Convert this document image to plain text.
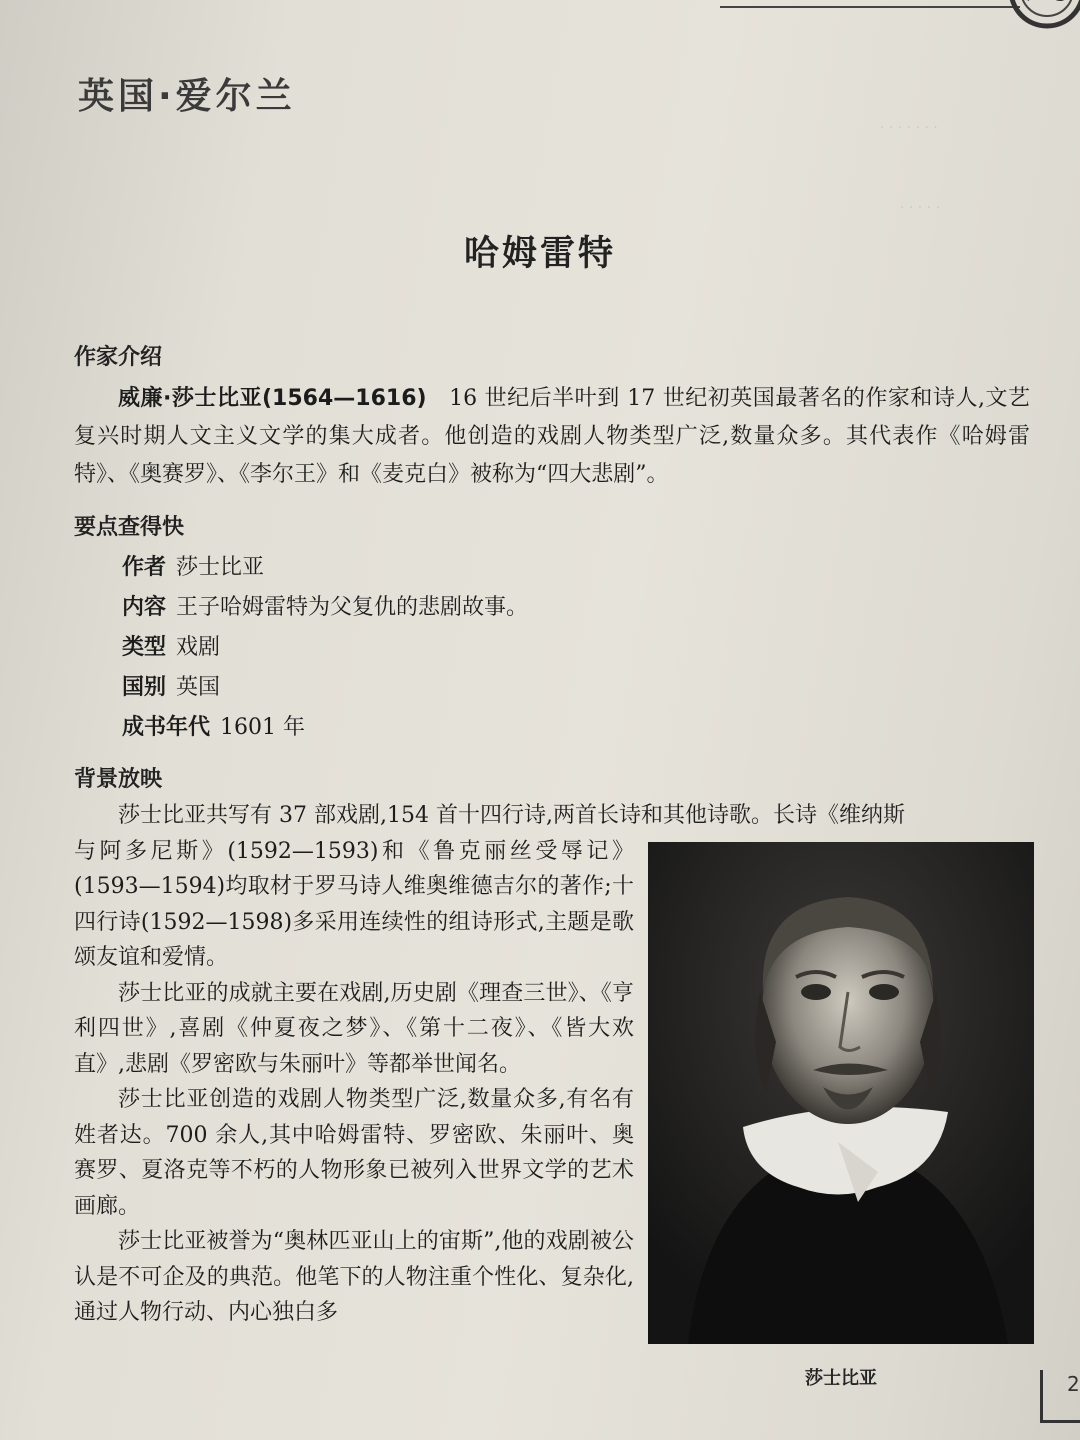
英国·爱尔兰
· · · · · · ·
· · · · ·
哈姆雷特
作家介绍
威廉·莎士比亚(1564—1616) 16 世纪后半叶到 17 世纪初英国最著名的作家和诗人,文艺复兴时期人文主义文学的集大成者。他创造的戏剧人物类型广泛,数量众多。其代表作《哈姆雷特》、《奥赛罗》、《李尔王》和《麦克白》被称为“四大悲剧”。
要点查得快
作者 莎士比亚
内容 王子哈姆雷特为父复仇的悲剧故事。
类型 戏剧
国别 英国
成书年代 1601 年
背景放映

莎士比亚共写有 37 部戏剧,154 首十四行诗,两首长诗和其他诗歌。长诗《维纳斯

与阿多尼斯》(1592—1593)和《鲁克丽丝受辱记》(1593—1594)均取材于罗马诗人维奥维德吉尔的著作;十四行诗(1592—1598)多采用连续性的组诗形式,主题是歌颂友谊和爱情。

莎士比亚的成就主要在戏剧,历史剧《理查三世》、《亨利四世》,喜剧《仲夏夜之梦》、《第十二夜》、《皆大欢直》,悲剧《罗密欧与朱丽叶》等都举世闻名。

莎士比亚创造的戏剧人物类型广泛,数量众多,有名有姓者达。700 余人,其中哈姆雷特、罗密欧、朱丽叶、奥赛罗、夏洛克等不朽的人物形象已被列入世界文学的艺术画廊。

莎士比亚被誉为“奥林匹亚山上的宙斯”,他的戏剧被公认是不可企及的典范。他笔下的人物注重个性化、复杂化,通过人物行动、内心独白多

莎士比亚	2
